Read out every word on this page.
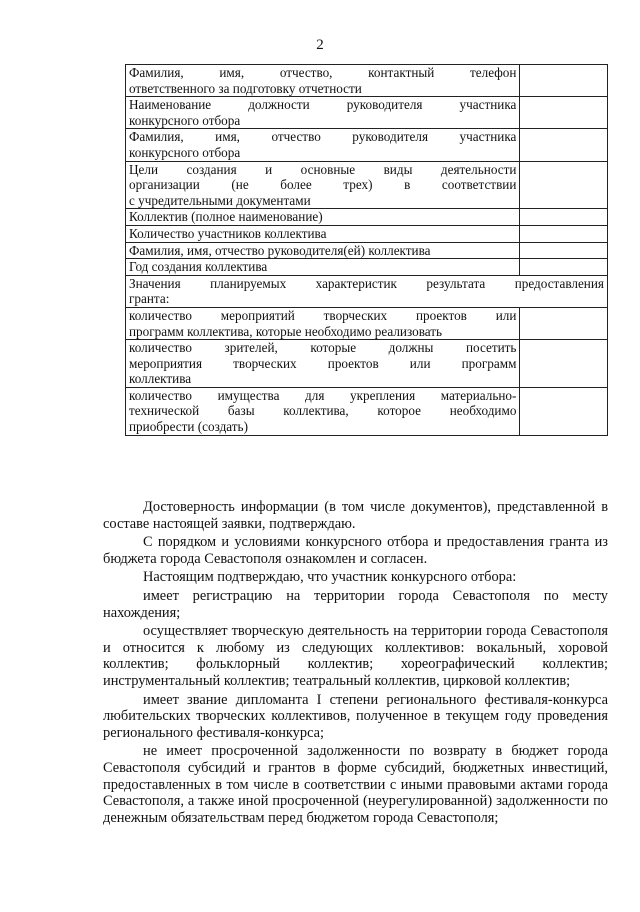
2
Фамилия, имя, отчество, контактный телефон
ответственного за подготовку отчетности	

Наименование должности руководителя участника
конкурсного отбора	

Фамилия, имя, отчество руководителя участника
конкурсного отбора	

Цели создания и основные виды деятельности
организации (не более трех) в соответствии
с учредительными документами	

Коллектив (полное наименование)	

Количество участников коллектива	

Фамилия, имя, отчество руководителя(ей) коллектива	

Год создания коллектива	

Значения планируемых характеристик результата предоставления
гранта:	

количество мероприятий творческих проектов или
программ коллектива, которые необходимо реализовать	

количество зрителей, которые должны посетить
мероприятия творческих проектов или программ
коллектива	

количество имущества для укрепления материально-
технической базы коллектива, которое необходимо
приобрести (создать)	

Достоверность информации (в том числе документов), представленной в составе настоящей заявки, подтверждаю.

С порядком и условиями конкурсного отбора и предоставления гранта из бюджета города Севастополя ознакомлен и согласен.

Настоящим подтверждаю, что участник конкурсного отбора:

имеет регистрацию на территории города Севастополя по месту нахождения;

осуществляет творческую деятельность на территории города Севастополя и относится к любому из следующих коллективов: вокальный, хоровой коллектив; фольклорный коллектив; хореографический коллектив; инструментальный коллектив; театральный коллектив, цирковой коллектив;

имеет звание дипломанта I степени регионального фестиваля-конкурса любительских творческих коллективов, полученное в текущем году проведения регионального фестиваля-конкурса;

не имеет просроченной задолженности по возврату в бюджет города Севастополя субсидий и грантов в форме субсидий, бюджетных инвестиций, предоставленных в том числе в соответствии с иными правовыми актами города Севастополя, а также иной просроченной (неурегулированной) задолженности по денежным обязательствам перед бюджетом города Севастополя;
